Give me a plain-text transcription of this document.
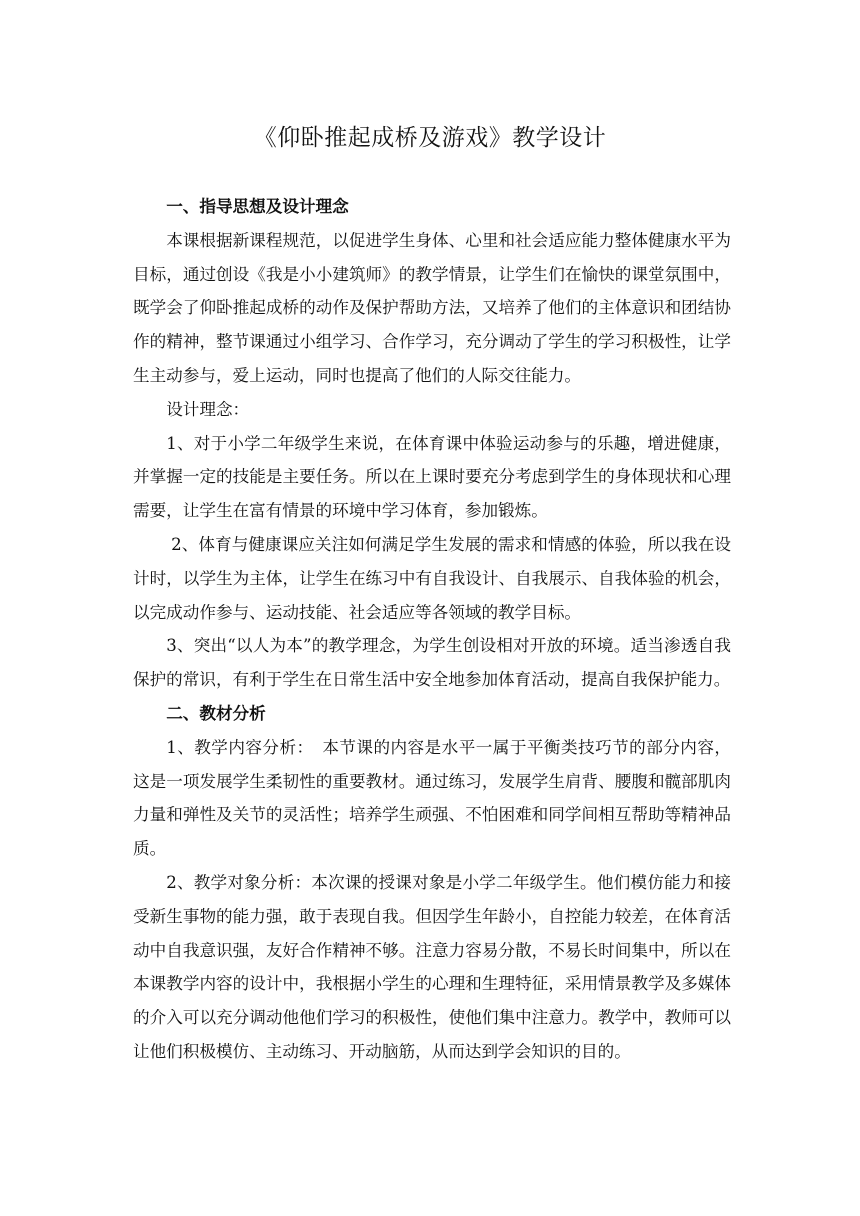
《仰卧推起成桥及游戏》教学设计
一、指导思想及设计理念

本课根据新课程规范，以促进学生身体、心里和社会适应能力整体健康水平为目标，通过创设《我是小小建筑师》的教学情景，让学生们在愉快的课堂氛围中，既学会了仰卧推起成桥的动作及保护帮助方法，又培养了他们的主体意识和团结协作的精神，整节课通过小组学习、合作学习，充分调动了学生的学习积极性，让学生主动参与，爱上运动，同时也提高了他们的人际交往能力。

设计理念：

1、对于小学二年级学生来说，在体育课中体验运动参与的乐趣，增进健康，并掌握一定的技能是主要任务。所以在上课时要充分考虑到学生的身体现状和心理需要，让学生在富有情景的环境中学习体育，参加锻炼。

2、体育与健康课应关注如何满足学生发展的需求和情感的体验，所以我在设计时，以学生为主体，让学生在练习中有自我设计、自我展示、自我体验的机会，以完成动作参与、运动技能、社会适应等各领域的教学目标。

3、突出“以人为本”的教学理念，为学生创设相对开放的环境。适当渗透自我保护的常识，有利于学生在日常生活中安全地参加体育活动，提高自我保护能力。

二、教材分析

1、教学内容分析：　本节课的内容是水平一属于平衡类技巧节的部分内容，这是一项发展学生柔韧性的重要教材。通过练习，发展学生肩背、腰腹和髋部肌肉力量和弹性及关节的灵活性；培养学生顽强、不怕困难和同学间相互帮助等精神品质。

2、教学对象分析：本次课的授课对象是小学二年级学生。他们模仿能力和接受新生事物的能力强，敢于表现自我。但因学生年龄小，自控能力较差，在体育活动中自我意识强，友好合作精神不够。注意力容易分散，不易长时间集中，所以在本课教学内容的设计中，我根据小学生的心理和生理特征，采用情景教学及多媒体的介入可以充分调动他他们学习的积极性，使他们集中注意力。教学中，教师可以让他们积极模仿、主动练习、开动脑筋，从而达到学会知识的目的。
